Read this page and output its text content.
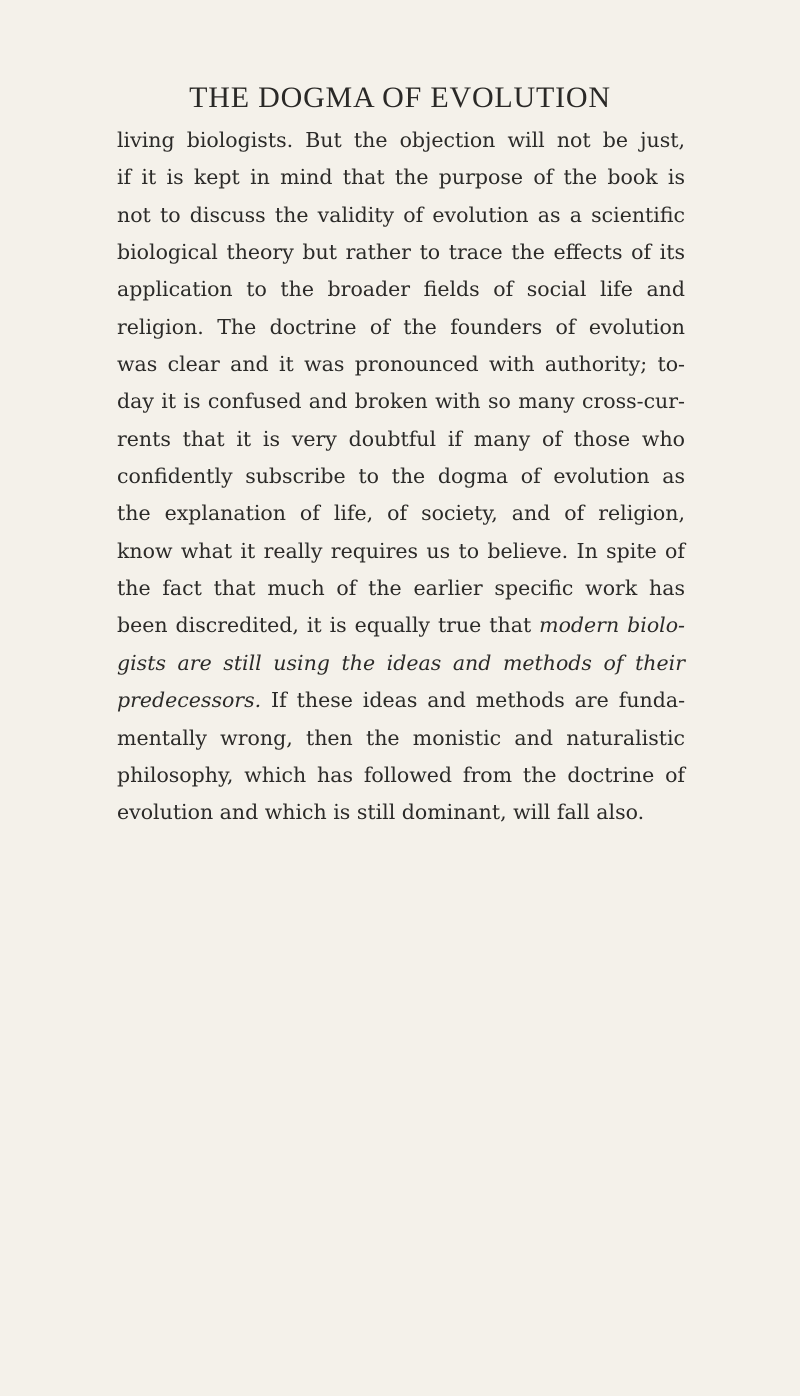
THE DOGMA OF EVOLUTION
living biologists. But the objection will not be just,
if it is kept in mind that the purpose of the book is
not to discuss the validity of evolution as a scientific
biological theory but rather to trace the effects of its
application to the broader fields of social life and
religion. The doctrine of the founders of evolution
was clear and it was pronounced with authority; to-
day it is confused and broken with so many cross-cur-
rents that it is very doubtful if many of those who
confidently subscribe to the dogma of evolution as
the explanation of life, of society, and of religion,
know what it really requires us to believe. In spite of
the fact that much of the earlier specific work has
been discredited, it is equally true that modern biolo-
gists are still using the ideas and methods of their
predecessors. If these ideas and methods are funda-
mentally wrong, then the monistic and naturalistic
philosophy, which has followed from the doctrine of
evolution and which is still dominant, will fall also.
